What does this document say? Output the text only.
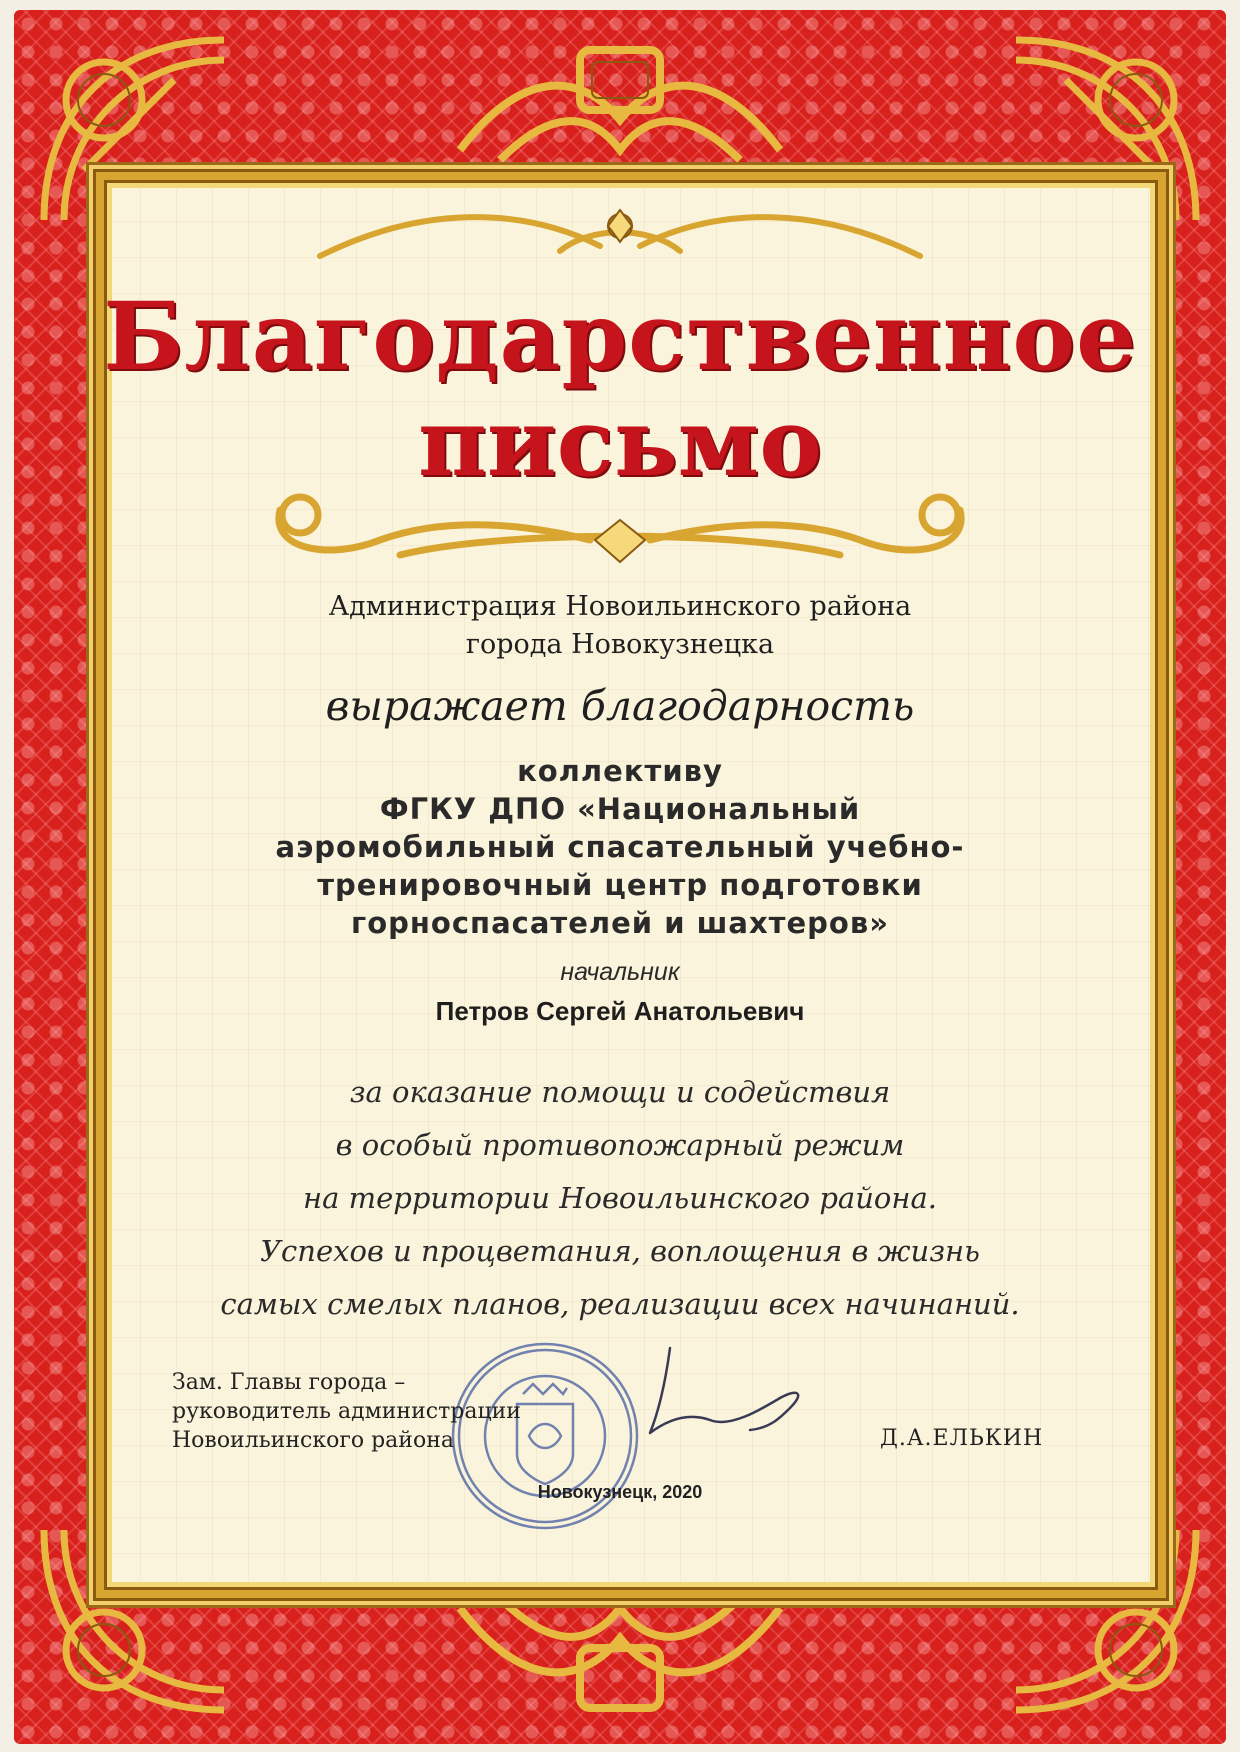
Благодарственное
письмо
Администрация Новоильинского района
города Новокузнецка
выражает благодарность
коллективу
ФГКУ ДПО «Национальный
аэромобильный спасательный учебно-
тренировочный центр подготовки
горноспасателей и шахтеров»
начальник
Петров Сергей Анатольевич
за оказание помощи и содействия
в особый противопожарный режим
на территории Новоильинского района.
Успехов и процветания, воплощения в жизнь
самых смелых планов, реализации всех начинаний.
Зам. Главы города –
руководитель администрации
Новоильинского района	Д.А.ЕЛЬКИН
Новокузнецк, 2020
